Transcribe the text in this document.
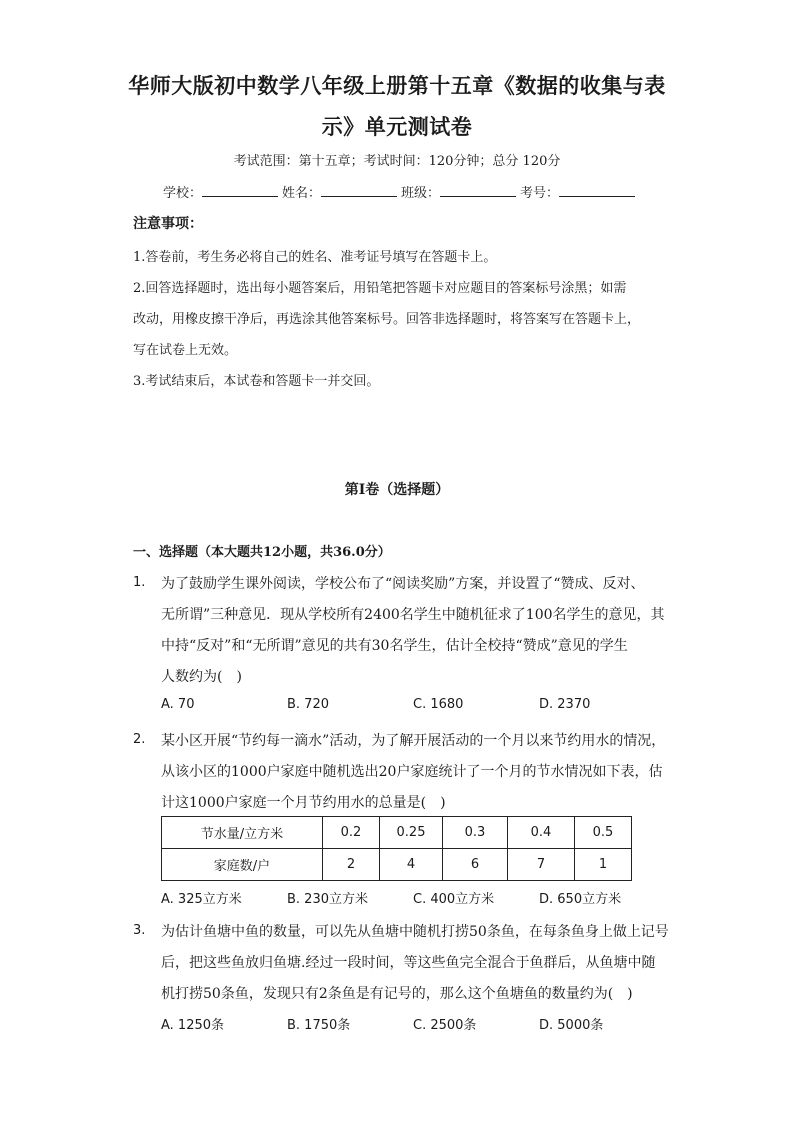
华师大版初中数学八年级上册第十五章《数据的收集与表
示》单元测试卷
考试范围：第十五章；考试时间：120分钟；总分 120分
学校：	姓名：	班级：	考号：
注意事项：
1.答卷前，考生务必将自己的姓名、准考证号填写在答题卡上。
2.回答选择题时，选出每小题答案后，用铅笔把答题卡对应题目的答案标号涂黑；如需
改动，用橡皮擦干净后，再选涂其他答案标号。回答非选择题时，将答案写在答题卡上，
写在试卷上无效。
3.考试结束后，本试卷和答题卡一并交回。
第I卷（选择题）
一、选择题（本大题共12小题，共36.0分）
1. 为了鼓励学生课外阅读，学校公布了“阅读奖励”方案，并设置了“赞成、反对、
无所谓”三种意见．现从学校所有2400名学生中随机征求了100名学生的意见，其
中持“反对”和“无所谓”意见的共有30名学生，估计全校持“赞成”意见的学生
人数约为(　)
A. 70	B. 720	C. 1680	D. 2370
2. 某小区开展“节约每一滴水”活动，为了解开展活动的一个月以来节约用水的情况，
从该小区的1000户家庭中随机选出20户家庭统计了一个月的节水情况如下表，估
计这1000户家庭一个月节约用水的总量是(　)
节水量/立方米	0.2	0.25	0.3	0.4	0.5
家庭数/户	2	4	6	7	1
A. 325立方米	B. 230立方米	C. 400立方米	D. 650立方米
3. 为估计鱼塘中鱼的数量，可以先从鱼塘中随机打捞50条鱼，在每条鱼身上做上记号
后，把这些鱼放归鱼塘.经过一段时间，等这些鱼完全混合于鱼群后，从鱼塘中随
机打捞50条鱼，发现只有2条鱼是有记号的，那么这个鱼塘鱼的数量约为(　)
A. 1250条	B. 1750条	C. 2500条	D. 5000条
